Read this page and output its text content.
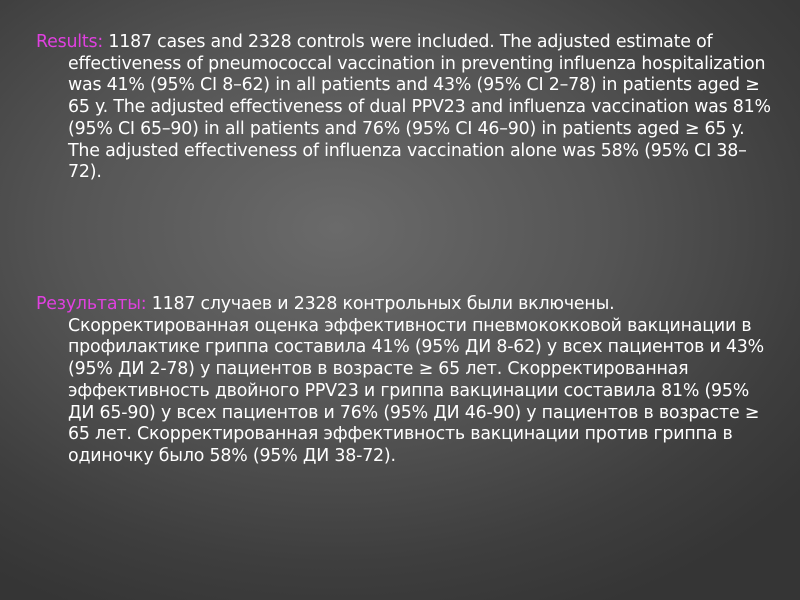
Results: 1187 cases and 2328 controls were included. The adjusted estimate of effectiveness of pneumococcal vaccination in preventing influenza hospitalization was 41% (95% CI 8–62) in all patients and 43% (95% CI 2–78) in patients aged ≥ 65 y. The adjusted effectiveness of dual PPV23 and influenza vaccination was 81% (95% CI 65–90) in all patients and 76% (95% CI 46–90) in patients aged ≥ 65 y. The adjusted effectiveness of influenza vaccination alone was 58% (95% CI 38–72).

Результаты: 1187 случаев и 2328 контрольных были включены. Скорректированная оценка эффективности пневмококковой вакцинации в профилактике гриппа составила 41% (95% ДИ 8-62) у всех пациентов и 43% (95% ДИ 2-78) у пациентов в возрасте ≥ 65 лет. Скорректированная эффективность двойного PPV23 и гриппа вакцинации составила 81% (95% ДИ 65-90) у всех пациентов и 76% (95% ДИ 46-90) у пациентов в возрасте ≥ 65 лет. Скорректированная эффективность вакцинации против гриппа в одиночку было 58% (95% ДИ 38-72).
